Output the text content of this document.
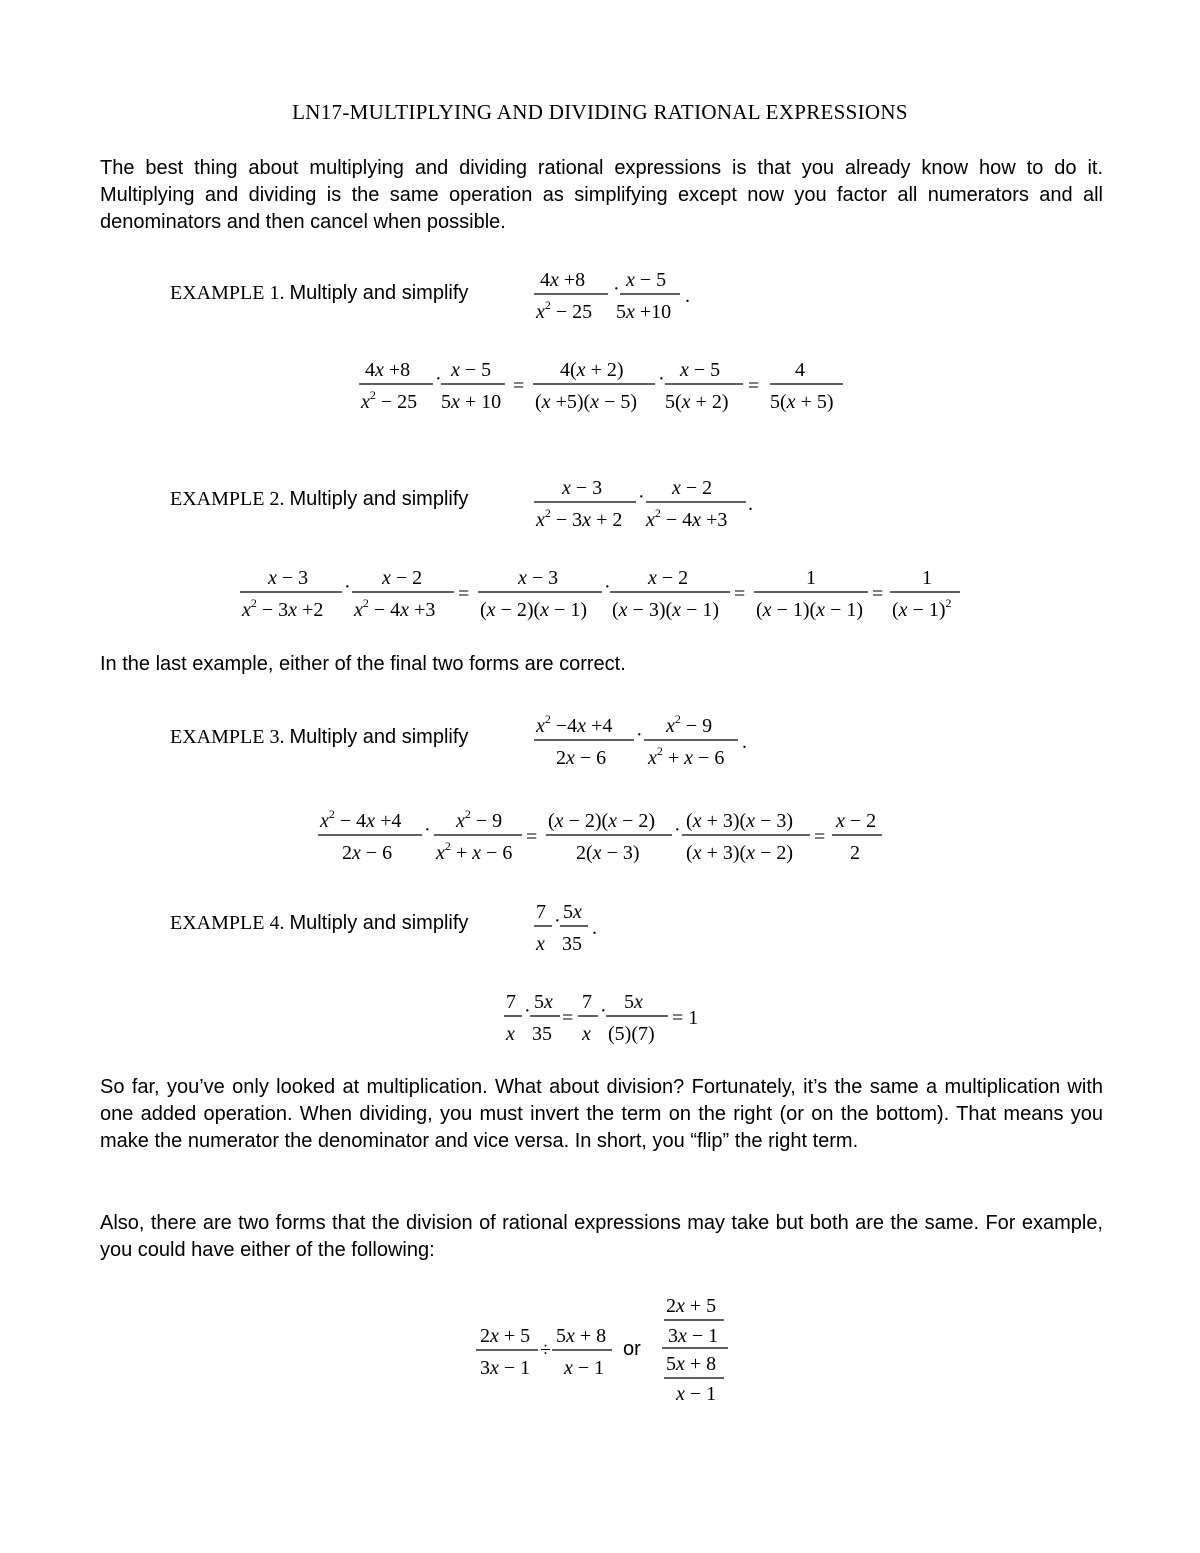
LN17-MULTIPLYING AND DIVIDING RATIONAL EXPRESSIONS
The best thing about multiplying and dividing rational expressions is that you already know how to do it. Multiplying and dividing is the same operation as simplifying except now you factor all numerators and all denominators and then cancel when possible.
EXAMPLE 1. Multiply and simplify
4x +8
$x^2 - 25$
· x − 5
5x +10
.
4x +8
$x^2 - 25$
· x − 5
5x + 10
=
4(x + 2)
(x +5)(x − 5)
· x − 5
5(x + 2)
=
4
5(x + 5)
EXAMPLE 2. Multiply and simplify	x − 3
$x^2 - 3x + 2$
· x − 2
$x^2 - 4x +3$
.
x − 3
$x^2 - 3x +2$
· x − 2
$x^2 - 4x +3$
=
x − 3
(x − 2)(x − 1)
· x − 2
(x − 3)(x − 1)
=
1
(x − 1)(x − 1)
=
1
$(x - 1)^2$
In the last example, either of the final two forms are correct.
EXAMPLE 3. Multiply and simplify	$x^2 -4x +4$
2x − 6
· $x^2 - 9$
$x^2 + x - 6$
.
$x^2 - 4x +4$
2x − 6
· $x^2 - 9$
$x^2 + x - 6$
=
(x − 2)(x − 2)
2(x − 3)
· (x + 3)(x − 3)
(x + 3)(x − 2)
=
x − 2
2
EXAMPLE 4. Multiply and simplify	7
x
· 5x
35
.
7
x
· 5x
35
=
7
x
· 5x
(5)(7)
= 1
So far, you’ve only looked at multiplication. What about division? Fortunately, it’s the same a multiplication with one added operation. When dividing, you must invert the term on the right (or on the bottom). That means you make the numerator the denominator and vice versa. In short, you “flip” the right term.
Also, there are two forms that the division of rational expressions may take but both are the same. For example, you could have either of the following:
2x + 5
3x − 1
÷
5x + 8
x − 1
or
2x + 5
3x − 1
5x + 8
x − 1
